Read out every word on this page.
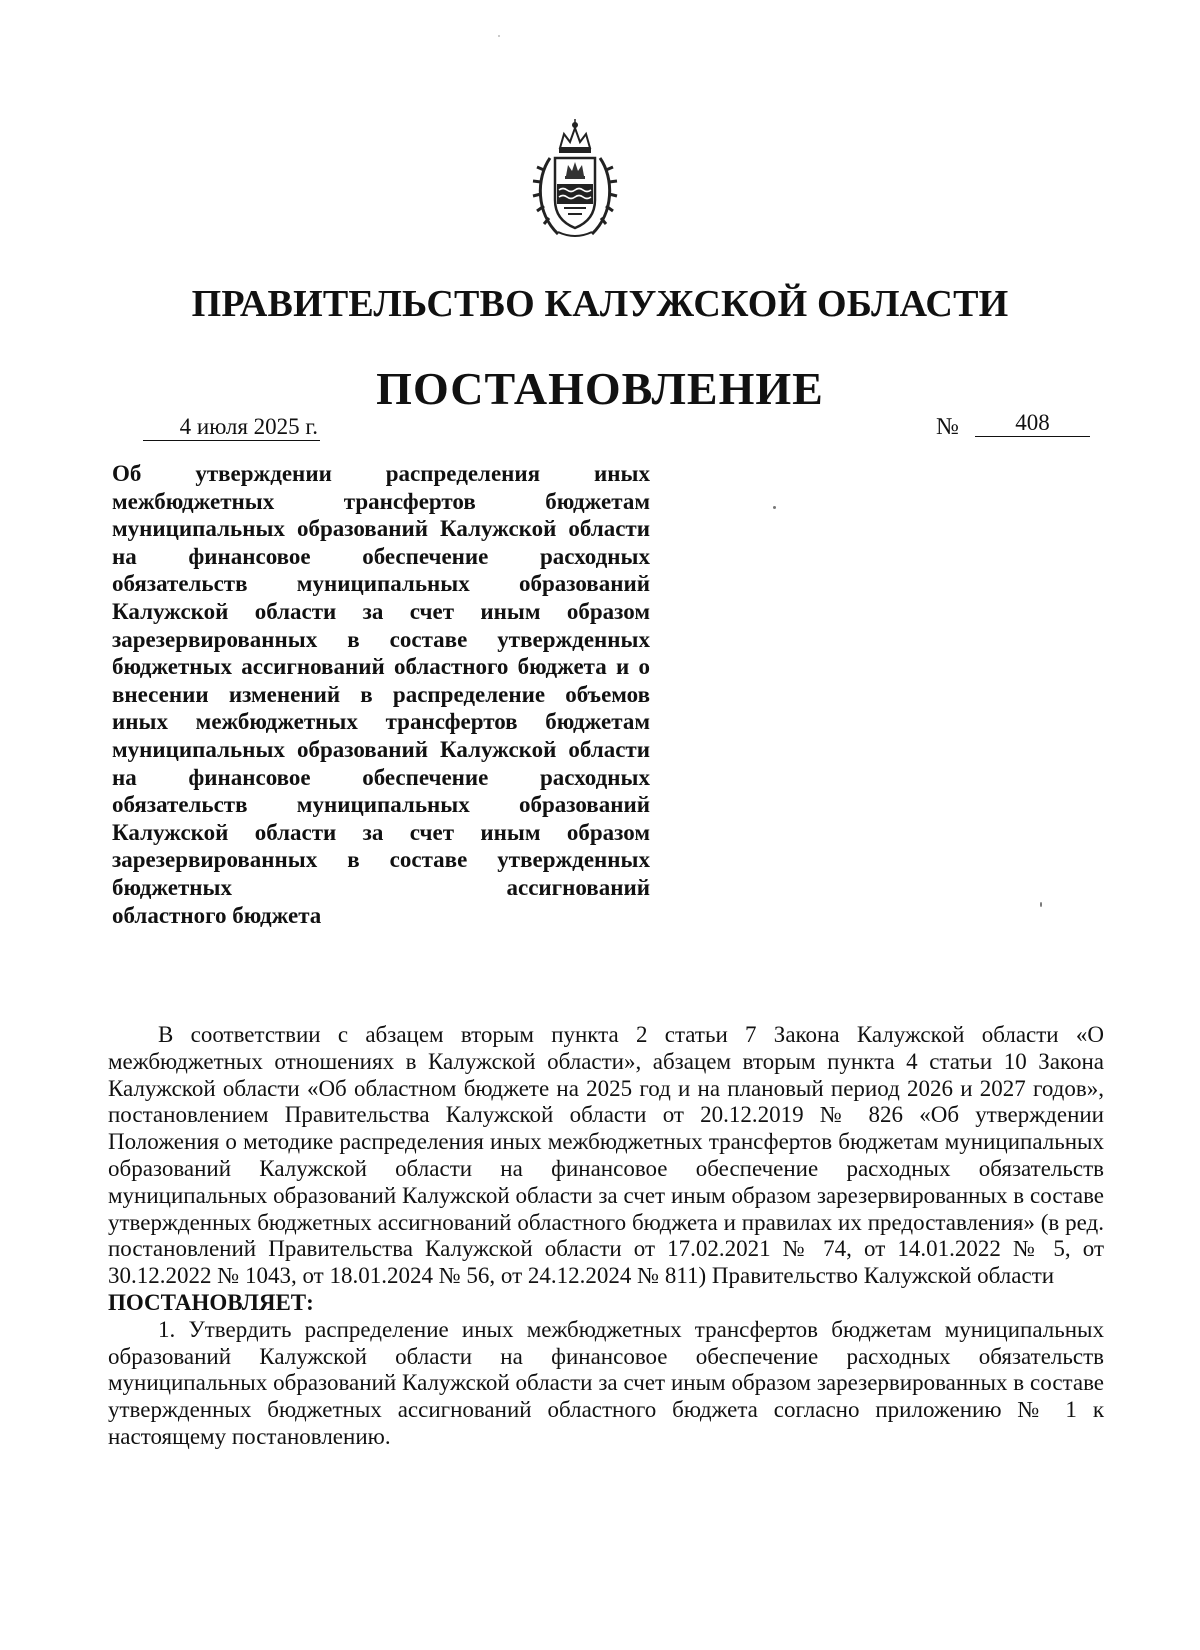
ПРАВИТЕЛЬСТВО КАЛУЖСКОЙ ОБЛАСТИ
ПОСТАНОВЛЕНИЕ
4 июля 2025 г.	№	408
Об утверждении распределения иных межбюджетных трансфертов бюджетам муниципальных образований Калужской области на финансовое обеспечение расходных обязательств муниципальных образований Калужской области за счет иным образом зарезервированных в составе утвержденных бюджетных ассигнований областного бюджета и о внесении изменений в распределение объемов иных межбюджетных трансфертов бюджетам муниципальных образований Калужской области на финансовое обеспечение расходных обязательств муниципальных образований Калужской области за счет иным образом зарезервированных в составе утвержденных бюджетных ассигнований
областного бюджета

В соответствии с абзацем вторым пункта 2 статьи 7 Закона Калужской области «О межбюджетных отношениях в Калужской области», абзацем вторым пункта 4 статьи 10 Закона Калужской области «Об областном бюджете на 2025 год и на плановый период 2026 и 2027 годов», постановлением Правительства Калужской области от 20.12.2019 № 826 «Об утверждении Положения о методике распределения иных межбюджетных трансфертов бюджетам муниципальных образований Калужской области на финансовое обеспечение расходных обязательств муниципальных образований Калужской области за счет иным образом зарезервированных в составе утвержденных бюджетных ассигнований областного бюджета и правилах их предоставления» (в ред. постановлений Правительства Калужской области от 17.02.2021 № 74, от 14.01.2022 № 5, от 30.12.2022 № 1043, от 18.01.2024 № 56, от 24.12.2024 № 811) Правительство Калужской области

ПОСТАНОВЛЯЕТ:

1. Утвердить распределение иных межбюджетных трансфертов бюджетам муниципальных образований Калужской области на финансовое обеспечение расходных обязательств муниципальных образований Калужской области за счет иным образом зарезервированных в составе утвержденных бюджетных ассигнований областного бюджета согласно приложению № 1 к настоящему постановлению.
